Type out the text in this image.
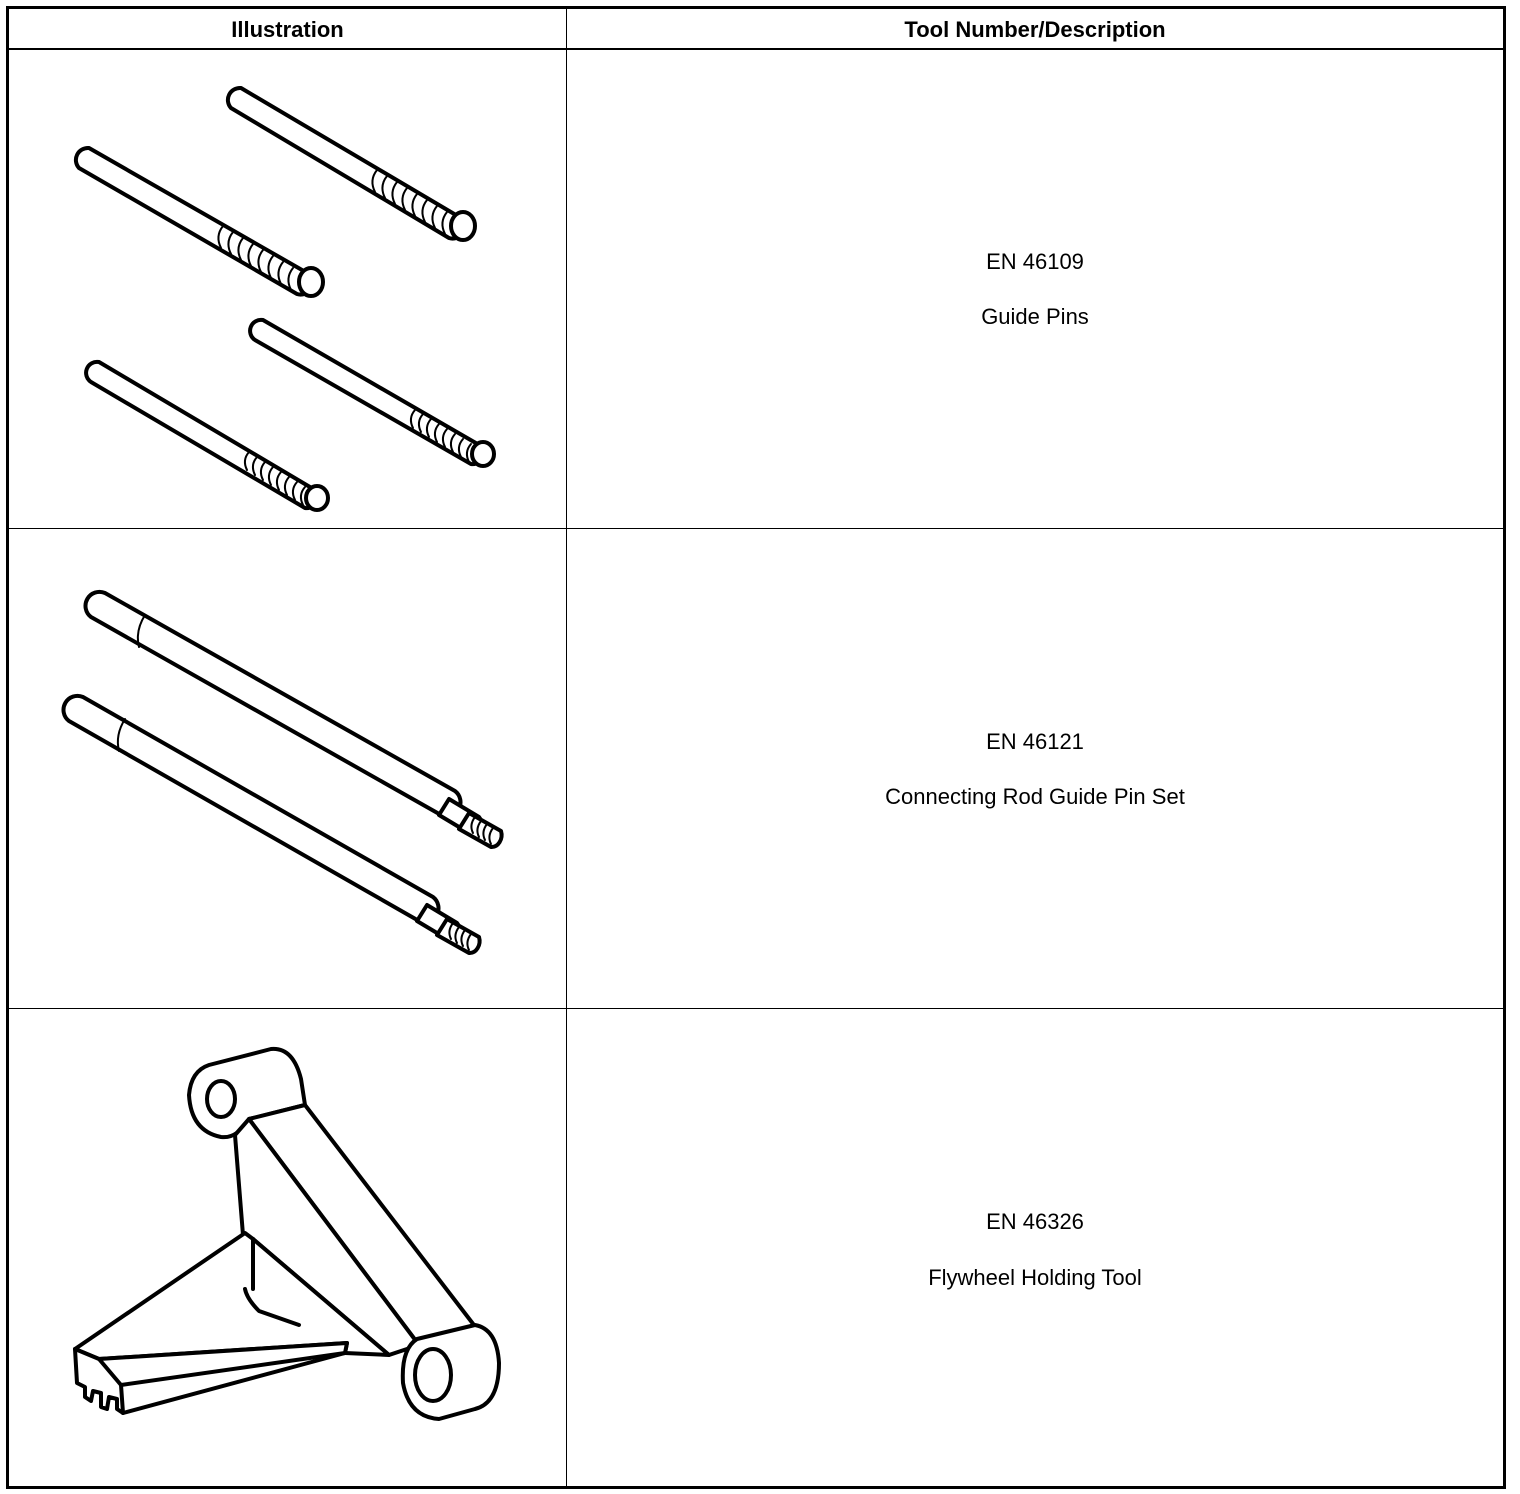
Illustration	Tool Number/Description
EN 46109
Guide Pins
EN 46121
Connecting Rod Guide Pin Set
EN 46326
Flywheel Holding Tool
